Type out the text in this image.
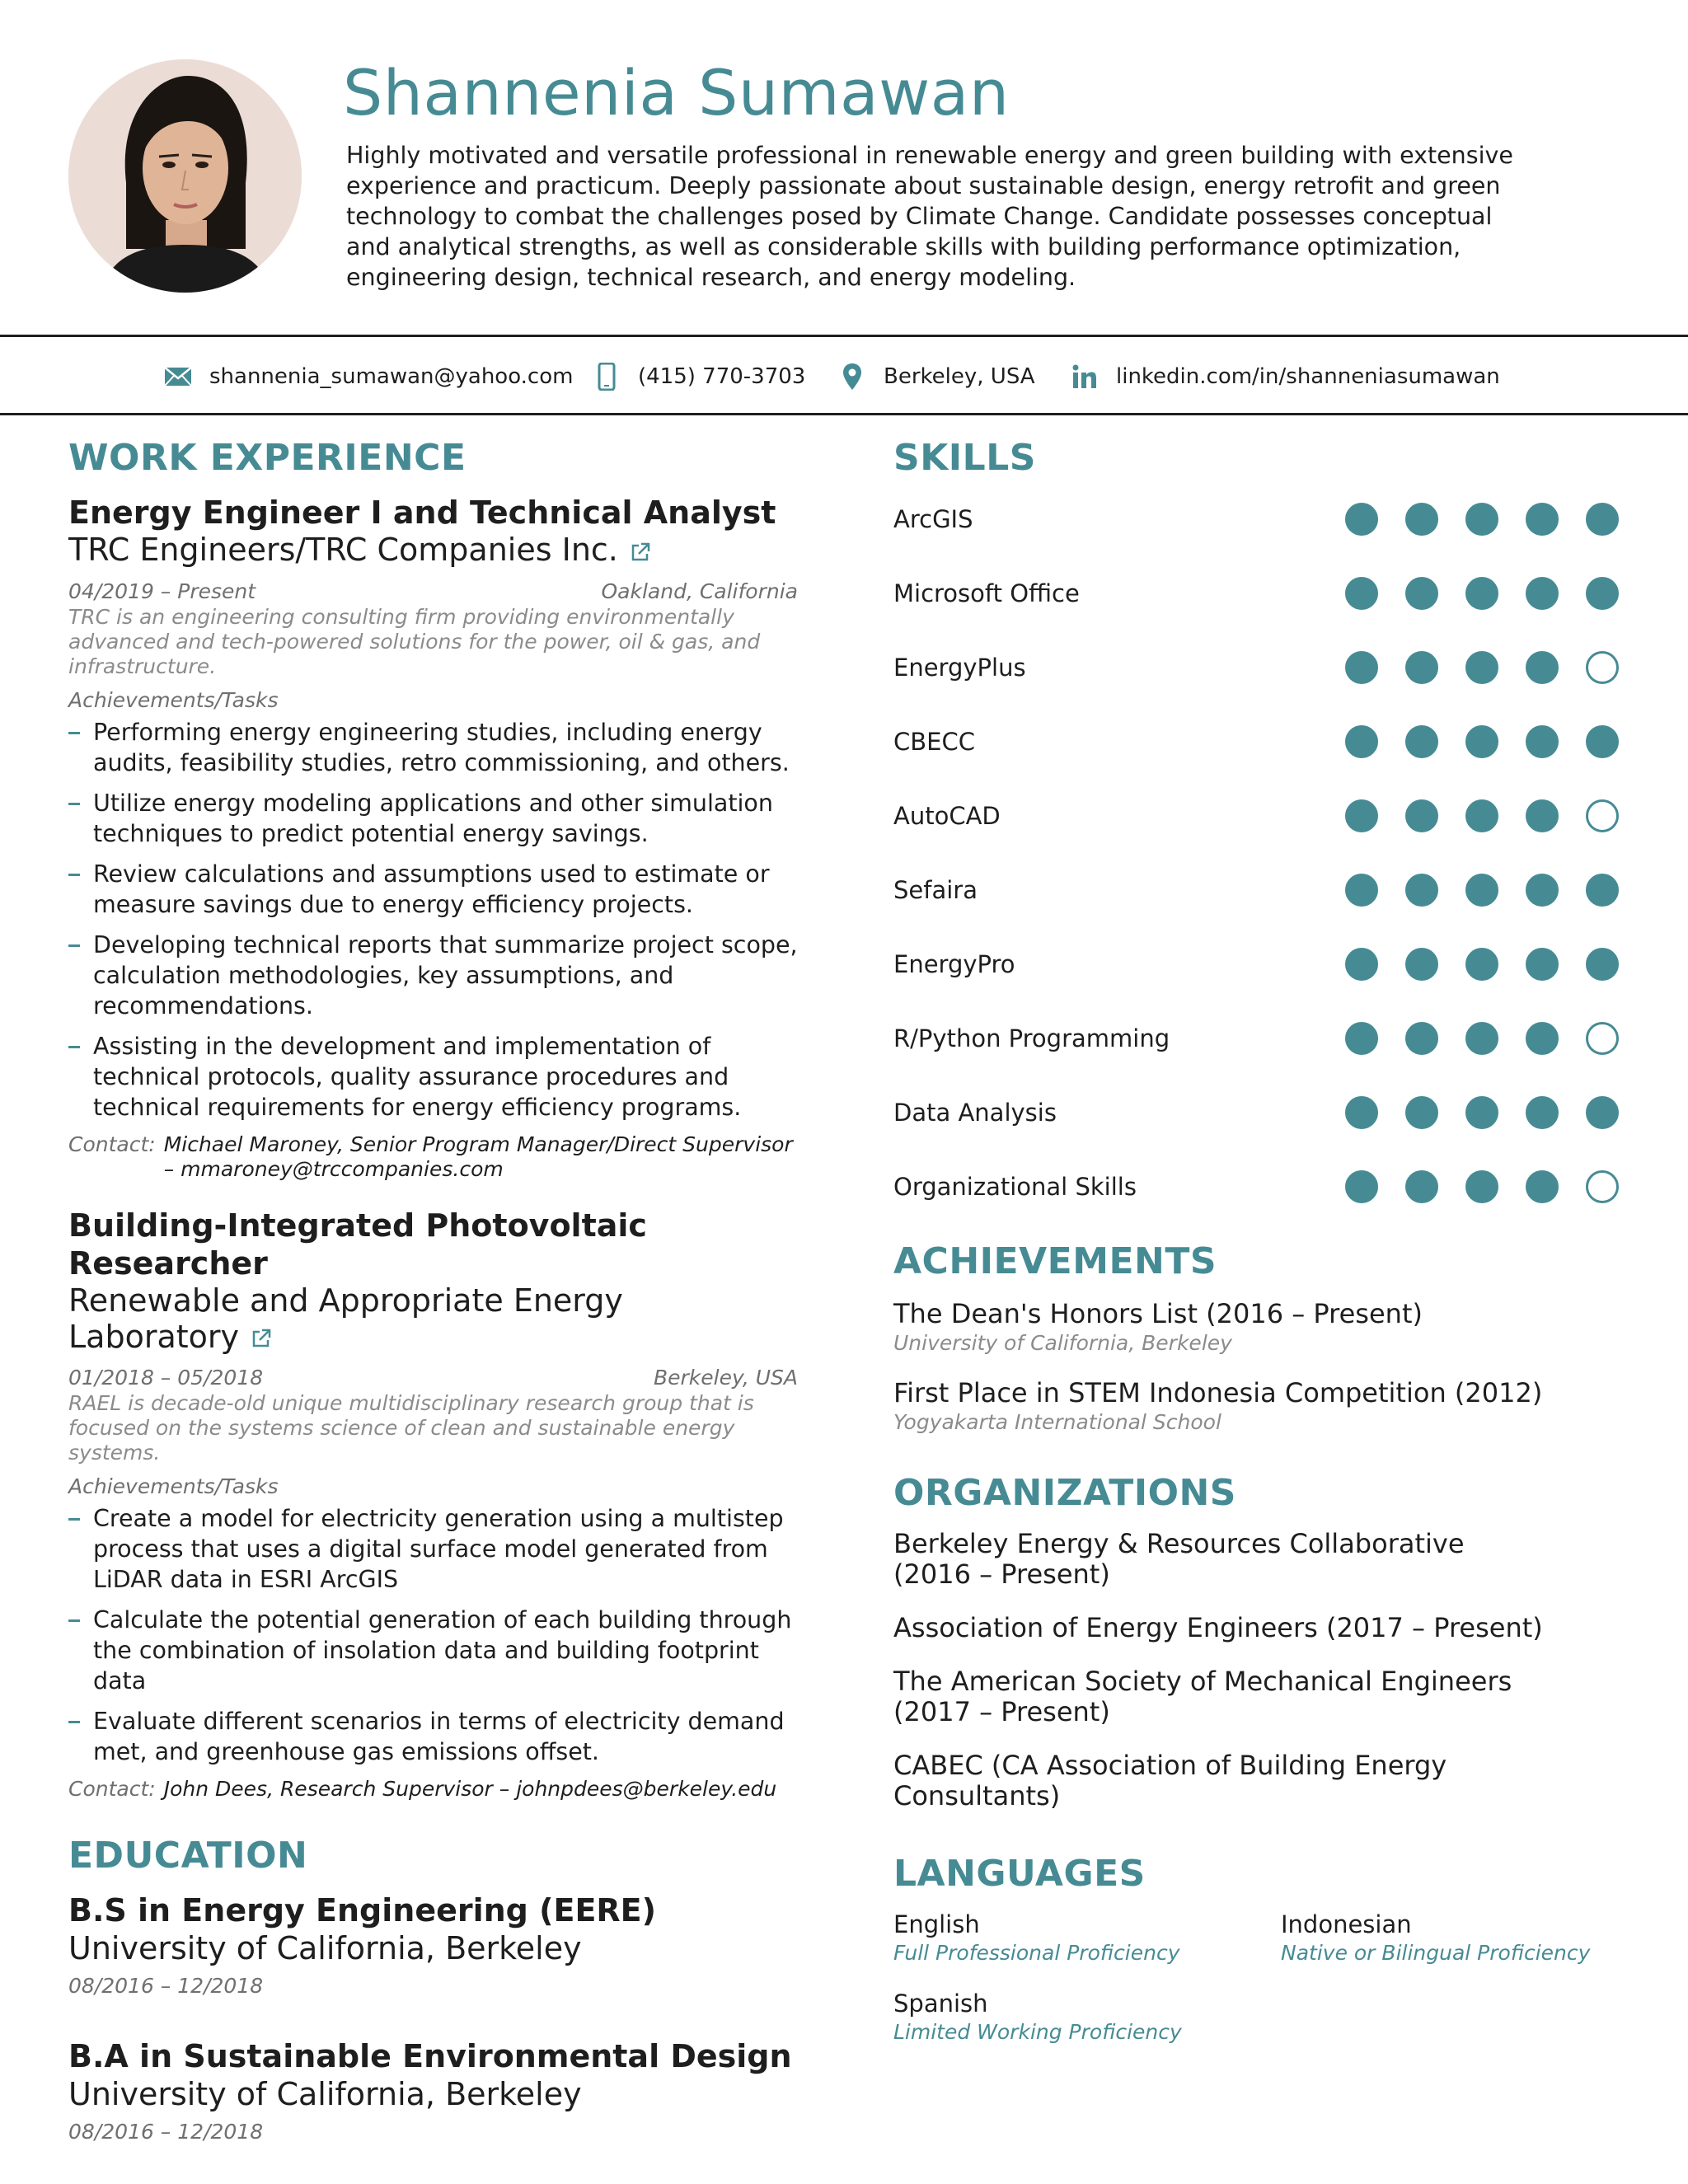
Shannenia Sumawan
Highly motivated and versatile professional in renewable energy and green building with extensive experience and practicum. Deeply passionate about sustainable design, energy retrofit and green technology to combat the challenges posed by Climate Change. Candidate possesses conceptual and analytical strengths, as well as considerable skills with building performance optimization, engineering design, technical research, and energy modeling.
shannenia_sumawan@yahoo.com	(415) 770-3703	Berkeley, USA	linkedin.com/in/shanneniasumawan
WORK EXPERIENCE
Energy Engineer I and Technical Analyst
TRC Engineers/TRC Companies Inc.
04/2019 – Present	Oakland, California
TRC is an engineering consulting firm providing environmentally advanced and tech-powered solutions for the power, oil & gas, and infrastructure.
Achievements/Tasks
Performing energy engineering studies, including energy audits, feasibility studies, retro commissioning, and others.
Utilize energy modeling applications and other simulation techniques to predict potential energy savings.
Review calculations and assumptions used to estimate or measure savings due to energy efficiency projects.
Developing technical reports that summarize project scope, calculation methodologies, key assumptions, and recommendations.
Assisting in the development and implementation of technical protocols, quality assurance procedures and technical requirements for energy efficiency programs.
Contact: Michael Maroney, Senior Program Manager/Direct Supervisor – mmaroney@trccompanies.com
Building-Integrated Photovoltaic Researcher
Renewable and Appropriate Energy Laboratory
01/2018 – 05/2018	Berkeley, USA
RAEL is decade-old unique multidisciplinary research group that is focused on the systems science of clean and sustainable energy systems.
Achievements/Tasks
Create a model for electricity generation using a multistep process that uses a digital surface model generated from LiDAR data in ESRI ArcGIS
Calculate the potential generation of each building through the combination of insolation data and building footprint data
Evaluate different scenarios in terms of electricity demand met, and greenhouse gas emissions offset.
Contact: John Dees, Research Supervisor – johnpdees@berkeley.edu
EDUCATION
B.S in Energy Engineering (EERE)
University of California, Berkeley
08/2016 – 12/2018
B.A in Sustainable Environmental Design
University of California, Berkeley
08/2016 – 12/2018
SKILLS
ArcGIS
Microsoft Office
EnergyPlus
CBECC
AutoCAD
Sefaira
EnergyPro
R/Python Programming
Data Analysis
Organizational Skills
ACHIEVEMENTS
The Dean's Honors List (2016 – Present)
University of California, Berkeley
First Place in STEM Indonesia Competition (2012)
Yogyakarta International School
ORGANIZATIONS
Berkeley Energy & Resources Collaborative (2016 – Present)
Association of Energy Engineers (2017 – Present)
The American Society of Mechanical Engineers (2017 – Present)
CABEC (CA Association of Building Energy Consultants)
LANGUAGES
English
Full Professional Proficiency
Indonesian
Native or Bilingual Proficiency
Spanish
Limited Working Proficiency
